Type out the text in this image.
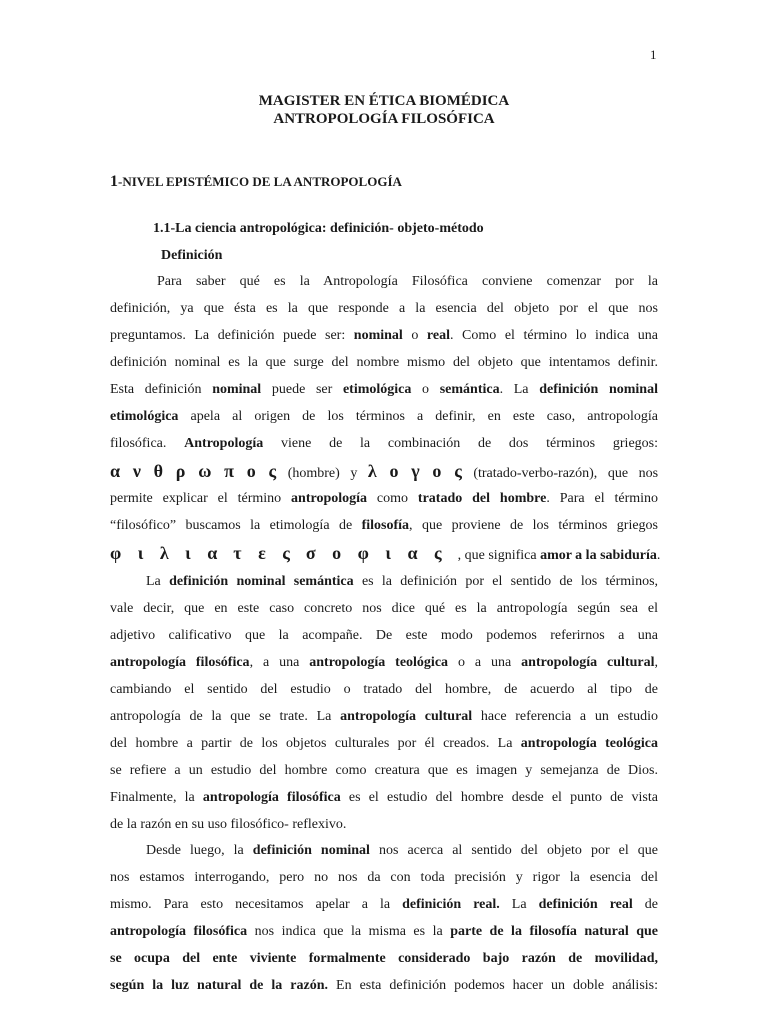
1
MAGISTER EN ÉTICA BIOMÉDICA
ANTROPOLOGÍA FILOSÓFICA
1-NIVEL EPISTÉMICO DE LA ANTROPOLOGÍA
1.1-La ciencia antropológica: definición- objeto-método
Definición
Para saber qué es la Antropología Filosófica conviene comenzar por la
definición, ya que ésta es la que responde a la esencia del objeto por el que nos
preguntamos. La definición puede ser: nominal o real. Como el término lo indica una
definición nominal es la que surge del nombre mismo del objeto que intentamos definir.
Esta definición nominal puede ser etimológica o semántica. La definición nominal
etimológica apela al origen de los términos a definir, en este caso, antropología
filosófica. Antropología viene de la combinación de dos términos griegos:
α ν θ ρ ω π ο ς (hombre) y λ ο γ ο ς (tratado-verbo-razón), que nos
permite explicar el término antropología como tratado del hombre. Para el término
“filosófico” buscamos la etimología de filosofía, que proviene de los términos griegos
φ ι λ ι α τ ε ς σ ο φ ι α ς , que significa amor a la sabiduría.
La definición nominal semántica es la definición por el sentido de los términos,
vale decir, que en este caso concreto nos dice qué es la antropología según sea el
adjetivo calificativo que la acompañe. De este modo podemos referirnos a una
antropología filosófica, a una antropología teológica o a una antropología cultural,
cambiando el sentido del estudio o tratado del hombre, de acuerdo al tipo de
antropología de la que se trate. La antropología cultural hace referencia a un estudio
del hombre a partir de los objetos culturales por él creados. La antropología teológica
se refiere a un estudio del hombre como creatura que es imagen y semejanza de Dios.
Finalmente, la antropología filosófica es el estudio del hombre desde el punto de vista
de la razón en su uso filosófico- reflexivo.
Desde luego, la definición nominal nos acerca al sentido del objeto por el que
nos estamos interrogando, pero no nos da con toda precisión y rigor la esencia del
mismo. Para esto necesitamos apelar a la definición real. La definición real de
antropología filosófica nos indica que la misma es la parte de la filosofía natural que
se ocupa del ente viviente formalmente considerado bajo razón de movilidad,
según la luz natural de la razón. En esta definición podemos hacer un doble análisis:
